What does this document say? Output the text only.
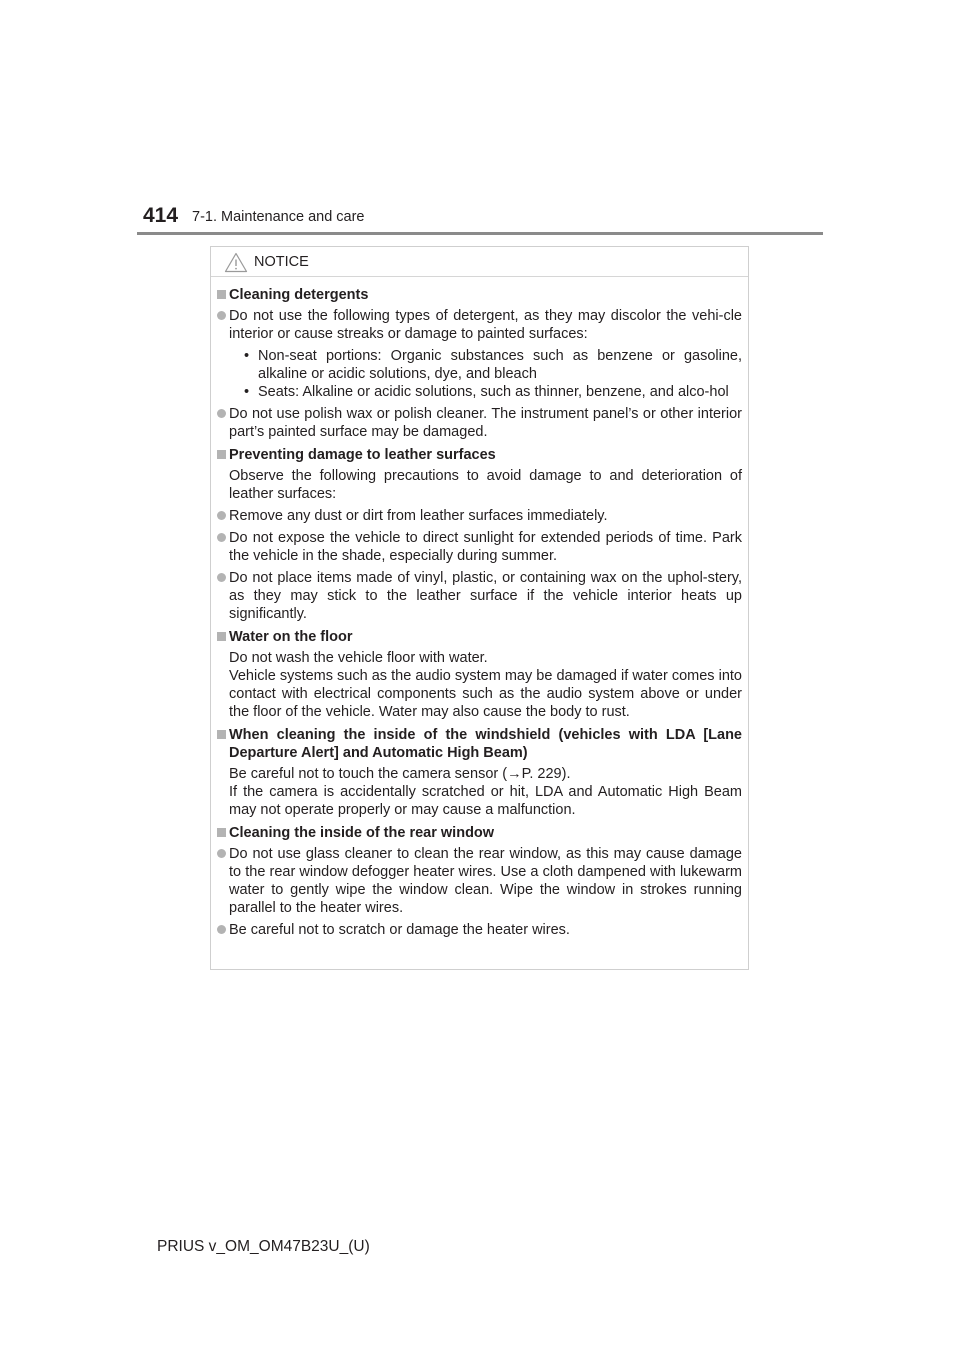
414 7-1. Maintenance and care
NOTICE
Cleaning detergents
Do not use the following types of detergent, as they may discolor the vehi-cle interior or cause streaks or damage to painted surfaces:
• Non-seat portions: Organic substances such as benzene or gasoline, alkaline or acidic solutions, dye, and bleach
• Seats: Alkaline or acidic solutions, such as thinner, benzene, and alco-hol
Do not use polish wax or polish cleaner. The instrument panel’s or other interior part’s painted surface may be damaged.
Preventing damage to leather surfaces
Observe the following precautions to avoid damage to and deterioration of leather surfaces:
Remove any dust or dirt from leather surfaces immediately.
Do not expose the vehicle to direct sunlight for extended periods of time. Park the vehicle in the shade, especially during summer.
Do not place items made of vinyl, plastic, or containing wax on the uphol-stery, as they may stick to the leather surface if the vehicle interior heats up significantly.
Water on the floor
Do not wash the vehicle floor with water.
Vehicle systems such as the audio system may be damaged if water comes into contact with electrical components such as the audio system above or under the floor of the vehicle. Water may also cause the body to rust.
When cleaning the inside of the windshield (vehicles with LDA [Lane Departure Alert] and Automatic High Beam)
Be careful not to touch the camera sensor (→P. 229).
If the camera is accidentally scratched or hit, LDA and Automatic High Beam may not operate properly or may cause a malfunction.
Cleaning the inside of the rear window
Do not use glass cleaner to clean the rear window, as this may cause damage to the rear window defogger heater wires. Use a cloth dampened with lukewarm water to gently wipe the window clean. Wipe the window in strokes running parallel to the heater wires.
Be careful not to scratch or damage the heater wires.
PRIUS v_OM_OM47B23U_(U)
